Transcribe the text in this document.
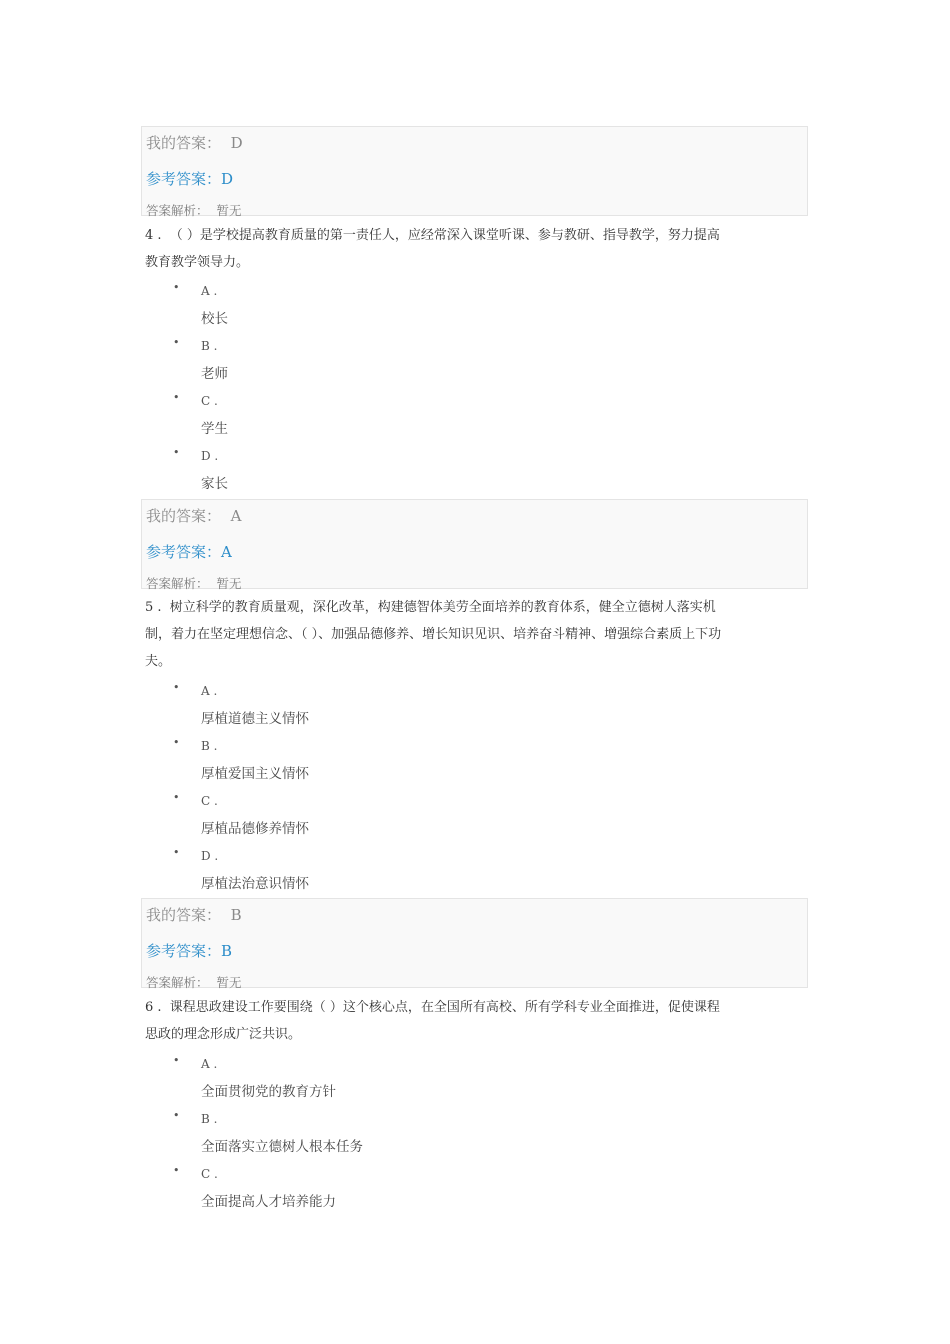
我的答案： D
参考答案：D
答案解析： 暂无
4 .  （ ）是学校提高教育质量的第一责任人，应经常深入课堂听课、参与教研、指导教学，努力提高
教育教学领导力。
• A .
校长
• B .
老师
• C .
学生
• D .
家长
我的答案： A
参考答案：A
答案解析： 暂无
5 .  树立科学的教育质量观，深化改革，构建德智体美劳全面培养的教育体系，健全立德树人落实机
制，着力在坚定理想信念、（ ）、加强品德修养、增长知识见识、培养奋斗精神、增强综合素质上下功
夫。
• A .
厚植道德主义情怀
• B .
厚植爱国主义情怀
• C .
厚植品德修养情怀
• D .
厚植法治意识情怀
我的答案： B
参考答案：B
答案解析： 暂无
6 .  课程思政建设工作要围绕（ ）这个核心点，在全国所有高校、所有学科专业全面推进，促使课程
思政的理念形成广泛共识。
• A .
全面贯彻党的教育方针
• B .
全面落实立德树人根本任务
• C .
全面提高人才培养能力
